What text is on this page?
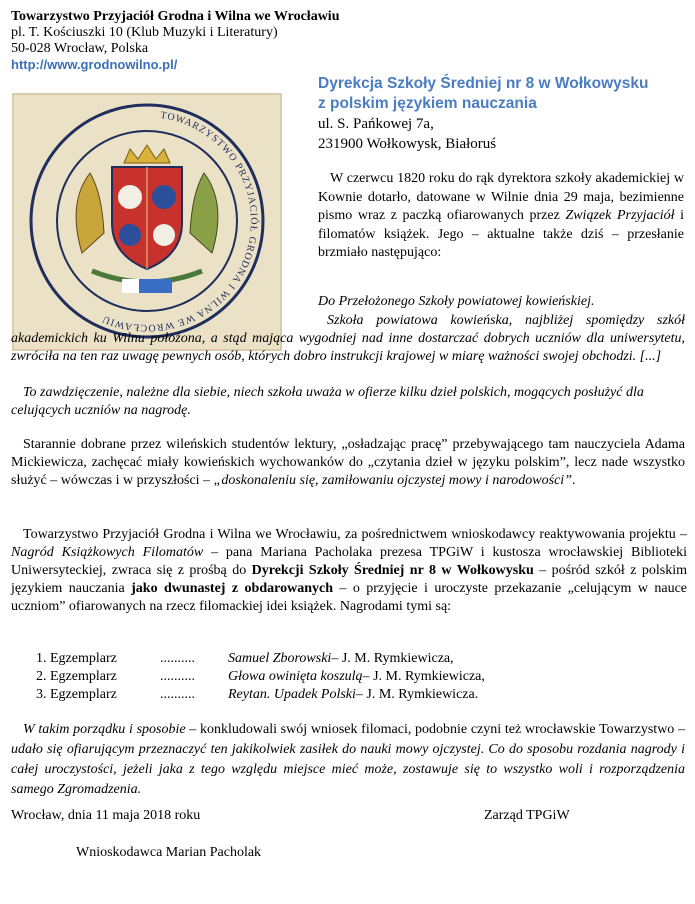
Towarzystwo Przyjaciół Grodna i Wilna we Wrocławiu
pl. T. Kościuszki 10 (Klub Muzyki i Literatury)
50-028 Wrocław, Polska
http://www.grodnowilno.pl/
TOWARZYSTWO PRZYJACIÓŁ GRODNA I WILNA WE WROCŁAWIU
Dyrekcja Szkoły Średniej nr 8 w Wołkowysku
z polskim językiem nauczania
ul. S. Pańkowej 7a,
231900 Wołkowysk, Białoruś
W czerwcu 1820 roku do rąk dyrektora szkoły akademickiej w Kownie dotarło, datowane w Wilnie dnia 29 maja, bezimienne pismo wraz z paczką ofiarowanych przez Związek Przyjaciół i filomatów książek. Jego – aktualne także dziś – przesłanie brzmiało następująco:
Do Przełożonego Szkoły powiatowej kowieńskiej.
Szkoła powiatowa kowieńska, najbliżej spomiędzy szkół akademickich ku Wilnu położona, a stąd mająca wygodniej nad inne dostarczać dobrych uczniów dla uniwersytetu, zwróciła na ten raz uwagę pewnych osób, których dobro instrukcji krajowej w miarę ważności swojej obchodzi. [...]
To zawdzięczenie, należne dla siebie, niech szkoła uważa w ofierze kilku dzieł polskich, mogących posłużyć dla celujących uczniów na nagrodę.
Starannie dobrane przez wileńskich studentów lektury, „osładzając pracę” przebywającego tam nauczyciela Adama Mickiewicza, zachęcać miały kowieńskich wychowanków do „czytania dzieł w języku polskim”, lecz nade wszystko służyć – wówczas i w przyszłości – „doskonaleniu się, zamiłowaniu ojczystej mowy i narodowości”.
Towarzystwo Przyjaciół Grodna i Wilna we Wrocławiu, za pośrednictwem wnioskodawcy reaktywowania projektu – Nagród Książkowych Filomatów – pana Mariana Pacholaka prezesa TPGiW i kustosza wrocławskiej Biblioteki Uniwersyteckiej, zwraca się z prośbą do Dyrekcji Szkoły Średniej nr 8 w Wołkowysku – pośród szkół z polskim językiem nauczania jako dwunastej z obdarowanych – o przyjęcie i uroczyste przekazanie „celującym w nauce uczniom” ofiarowanych na rzecz filomackiej idei książek. Nagrodami tymi są:
1. Egzemplarz	..........	Samuel Zborowski – J. M. Rymkiewicza,
2. Egzemplarz	..........	Głowa owinięta koszulą – J. M. Rymkiewicza,
3. Egzemplarz	..........	Reytan. Upadek Polski – J. M. Rymkiewicza.
W takim porządku i sposobie – konkludowali swój wniosek filomaci, podobnie czyni też wrocławskie Towarzystwo – udało się ofiarującym przeznaczyć ten jakikolwiek zasiłek do nauki mowy ojczystej. Co do sposobu rozdania nagrody i całej uroczystości, jeżeli jaka z tego względu miejsce mieć może, zostawuje się to wszystko woli i rozporządzenia samego Zgromadzenia.
Wrocław, dnia 11 maja 2018 roku	Zarząd TPGiW
Wnioskodawca Marian Pacholak
